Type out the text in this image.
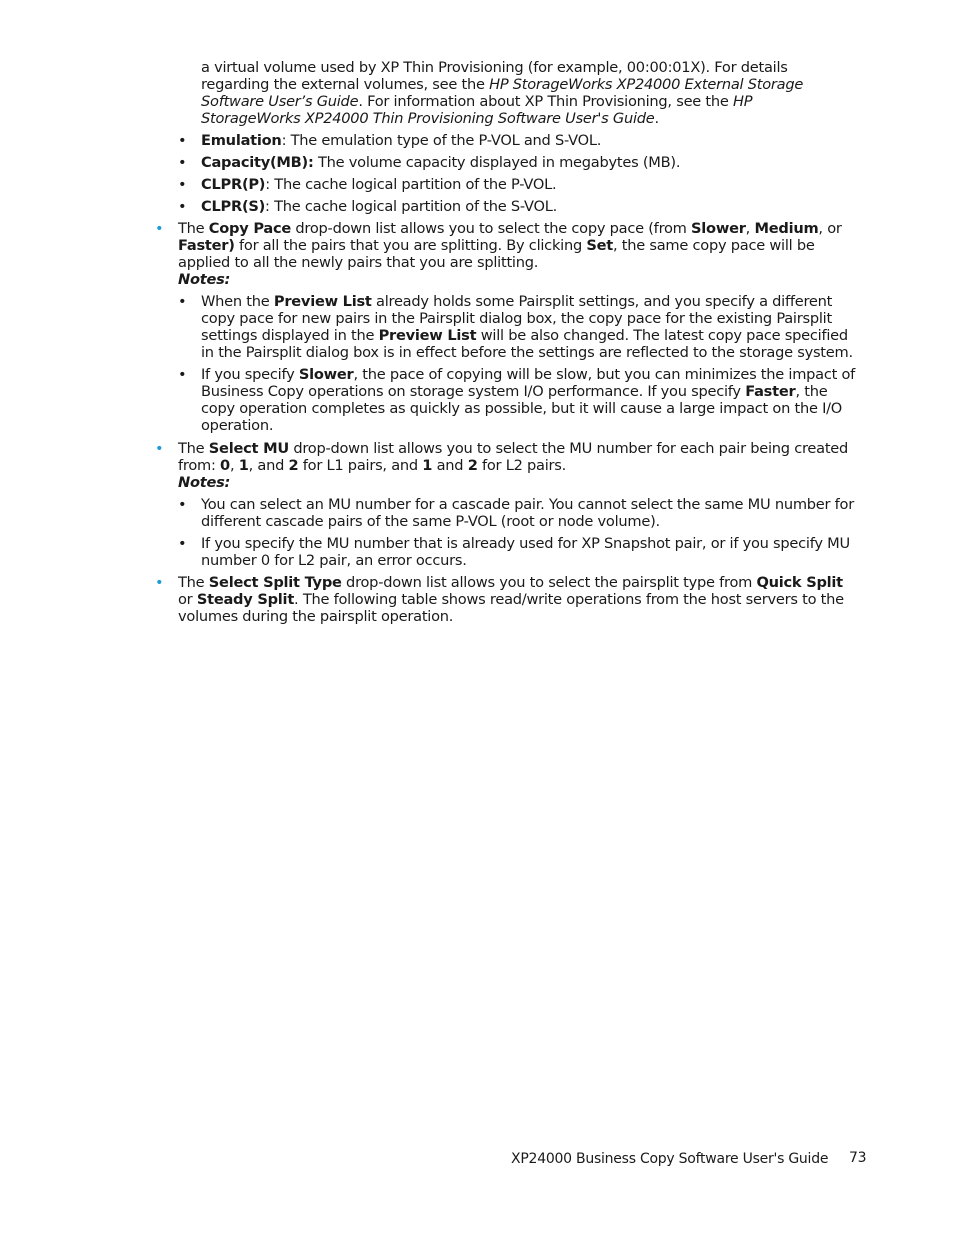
a virtual volume used by XP Thin Provisioning (for example, 00:00:01X). For details regarding the external volumes, see the HP StorageWorks XP24000 External Storage Software User’s Guide. For information about XP Thin Provisioning, see the HP StorageWorks XP24000 Thin Provisioning Software User's Guide.

• Emulation: The emulation type of the P-VOL and S-VOL.

• Capacity(MB): The volume capacity displayed in megabytes (MB).

• CLPR(P): The cache logical partition of the P-VOL.

• CLPR(S): The cache logical partition of the S-VOL.

• The Copy Pace drop-down list allows you to select the copy pace (from Slower, Medium, or Faster) for all the pairs that you are splitting. By clicking Set, the same copy pace will be applied to all the newly pairs that you are splitting.

Notes:

• When the Preview List already holds some Pairsplit settings, and you specify a different copy pace for new pairs in the Pairsplit dialog box, the copy pace for the existing Pairsplit settings displayed in the Preview List will be also changed. The latest copy pace specified in the Pairsplit dialog box is in effect before the settings are reflected to the storage system.

• If you specify Slower, the pace of copying will be slow, but you can minimizes the impact of Business Copy operations on storage system I/O performance. If you specify Faster, the copy operation completes as quickly as possible, but it will cause a large impact on the I/O operation.

• The Select MU drop-down list allows you to select the MU number for each pair being created from: 0, 1, and 2 for L1 pairs, and 1 and 2 for L2 pairs.

Notes:

• You can select an MU number for a cascade pair. You cannot select the same MU number for different cascade pairs of the same P-VOL (root or node volume).

• If you specify the MU number that is already used for XP Snapshot pair, or if you specify MU number 0 for L2 pair, an error occurs.

• The Select Split Type drop-down list allows you to select the pairsplit type from Quick Split or Steady Split. The following table shows read/write operations from the host servers to the volumes during the pairsplit operation.

XP24000 Business Copy Software User's Guide 73
